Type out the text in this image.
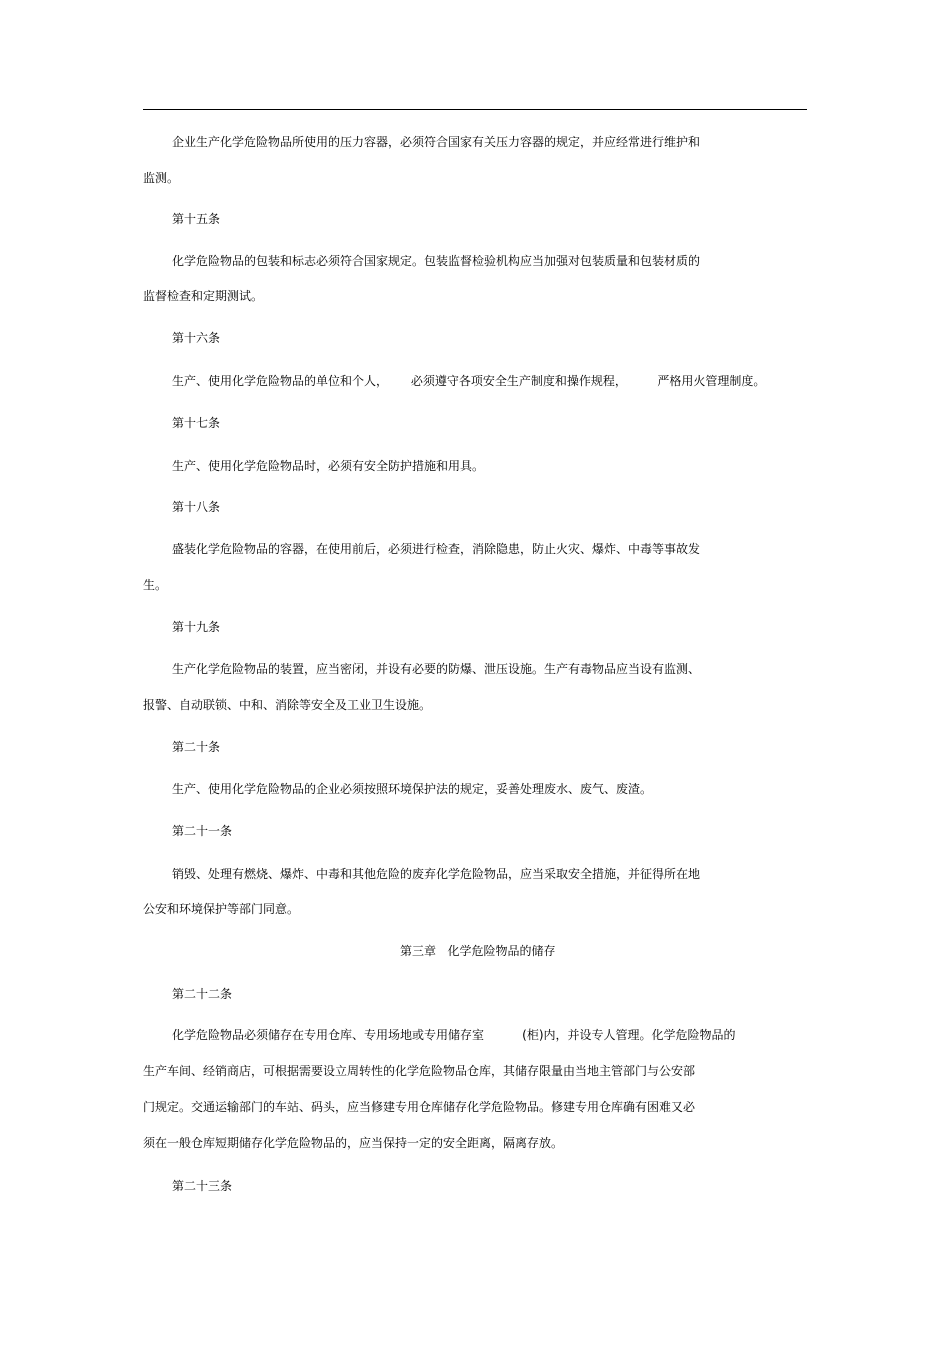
企业生产化学危险物品所使用的压力容器，必须符合国家有关压力容器的规定，并应经常进行维护和
监测。
第十五条
化学危险物品的包装和标志必须符合国家规定。包装监督检验机构应当加强对包装质量和包装材质的
监督检查和定期测试。
第十六条
生产、使用化学危险物品的单位和个人，      必须遵守各项安全生产制度和操作规程，        严格用火管理制度。
第十七条
生产、使用化学危险物品时，必须有安全防护措施和用具。
第十八条
盛装化学危险物品的容器，在使用前后，必须进行检查，消除隐患，防止火灾、爆炸、中毒等事故发
生。
第十九条
生产化学危险物品的装置，应当密闭，并设有必要的防爆、泄压设施。生产有毒物品应当设有监测、
报警、自动联锁、中和、消除等安全及工业卫生设施。
第二十条
生产、使用化学危险物品的企业必须按照环境保护法的规定，妥善处理废水、废气、废渣。
第二十一条
销毁、处理有燃烧、爆炸、中毒和其他危险的废弃化学危险物品，应当采取安全措施，并征得所在地
公安和环境保护等部门同意。
第三章   化学危险物品的储存
第二十二条
化学危险物品必须储存在专用仓库、专用场地或专用储存室          (柜)内，并设专人管理。化学危险物品的
生产车间、经销商店，可根据需要设立周转性的化学危险物品仓库，其储存限量由当地主管部门与公安部
门规定。交通运输部门的车站、码头，应当修建专用仓库储存化学危险物品。修建专用仓库确有困难又必
须在一般仓库短期储存化学危险物品的，应当保持一定的安全距离，隔离存放。
第二十三条
